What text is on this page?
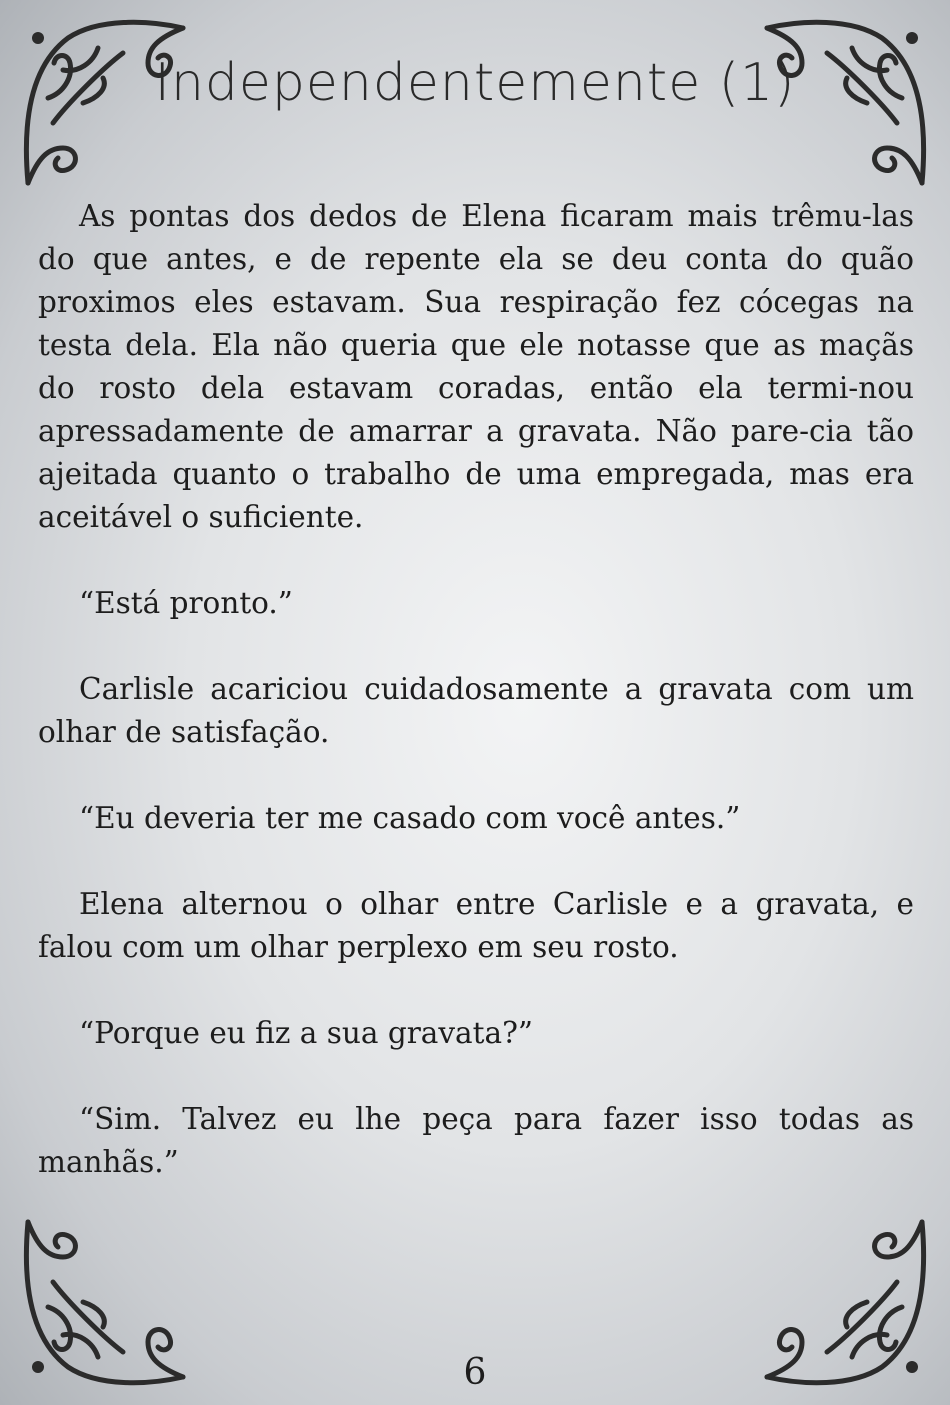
Independentemente (1)

As pontas dos dedos de Elena ficaram mais trêmu-las do que antes, e de repente ela se deu conta do quão proximos eles estavam. Sua respiração fez cócegas na testa dela. Ela não queria que ele notasse que as maçãs do rosto dela estavam coradas, então ela termi-nou apressadamente de amarrar a gravata. Não pare-cia tão ajeitada quanto o trabalho de uma empregada, mas era aceitável o suficiente.

“Está pronto.”

Carlisle acariciou cuidadosamente a gravata com um olhar de satisfação.

“Eu deveria ter me casado com você antes.”

Elena alternou o olhar entre Carlisle e a gravata, e falou com um olhar perplexo em seu rosto.

“Porque eu fiz a sua gravata?”

“Sim. Talvez eu lhe peça para fazer isso todas as manhãs.”

6
